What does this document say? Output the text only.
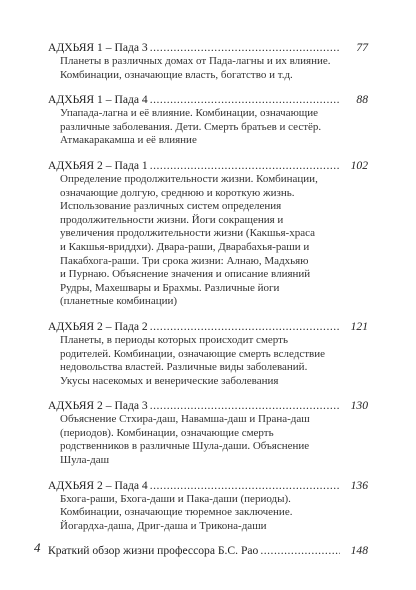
АДХЬЯЯ 1 – Пада 3 .....	77
Планеты в различных домах от Пада-лагны и их влияние.
Комбинации, означающие власть, богатство и т.д.
АДХЬЯЯ 1 – Пада 4 .....	88
Упапада-лагна и её влияние. Комбинации, означающие
различные заболевания. Дети. Смерть братьев и сестёр.
Атмакаракамша и её влияние
АДХЬЯЯ 2 – Пада 1 .....	102
Определение продолжительности жизни. Комбинации,
означающие долгую, среднюю и короткую жизнь.
Использование различных систем определения
продолжительности жизни. Йоги сокращения и
увеличения продолжительности жизни (Какшья-храса
и Какшья-вриддхи). Двара-раши, Дварабахья-раши и
Пакабхога-раши. Три срока жизни: Алнаю, Мадхьяю
и Пурнаю. Объяснение значения и описание влияний
Рудры, Махешвары и Брахмы. Различные йоги
(планетные комбинации)
АДХЬЯЯ 2 – Пада 2 .....	121
Планеты, в периоды которых происходит смерть
родителей. Комбинации, означающие смерть вследствие
недовольства властей. Различные виды заболеваний.
Укусы насекомых и венерические заболевания
АДХЬЯЯ 2 – Пада 3 .....	130
Объяснение Стхира-даш, Навамша-даш и Прана-даш
(периодов). Комбинации, означающие смерть
родственников в различные Шула-даши. Объяснение
Шула-даш
АДХЬЯЯ 2 – Пада 4 .....	136
Бхога-раши, Бхога-даши и Пака-даши (периоды).
Комбинации, означающие тюремное заключение.
Йогардха-даша, Дриг-даша и Трикона-даши
Краткий обзор жизни профессора Б.С. Рао .....	148
4
